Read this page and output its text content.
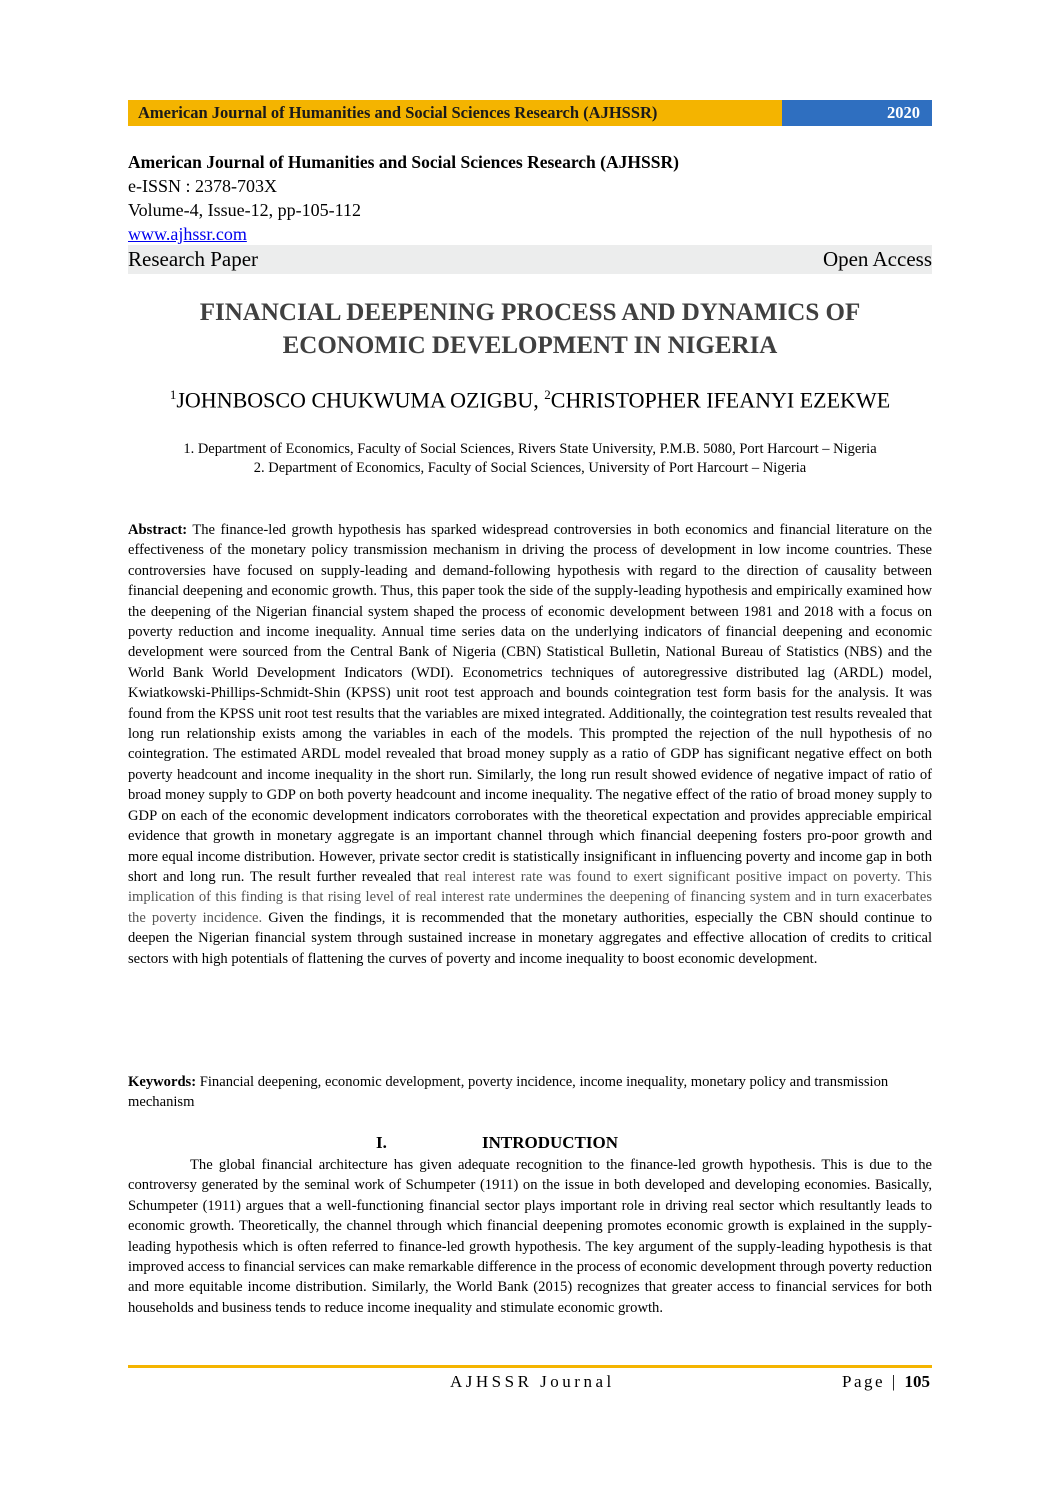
American Journal of Humanities and Social Sciences Research (AJHSSR)	2020
American Journal of Humanities and Social Sciences Research (AJHSSR)
e-ISSN : 2378-703X
Volume-4, Issue-12, pp-105-112
www.ajhssr.com
Research Paper	Open Access
FINANCIAL DEEPENING PROCESS AND DYNAMICS OF
ECONOMIC DEVELOPMENT IN NIGERIA
$^1$JOHNBOSCO CHUKWUMA OZIGBU, $^2$CHRISTOPHER IFEANYI EZEKWE
1. Department of Economics, Faculty of Social Sciences, Rivers State University, P.M.B. 5080, Port Harcourt – Nigeria
2. Department of Economics, Faculty of Social Sciences, University of Port Harcourt – Nigeria
Abstract: The finance-led growth hypothesis has sparked widespread controversies in both economics and financial literature on the effectiveness of the monetary policy transmission mechanism in driving the process of development in low income countries. These controversies have focused on supply-leading and demand-following hypothesis with regard to the direction of causality between financial deepening and economic growth. Thus, this paper took the side of the supply-leading hypothesis and empirically examined how the deepening of the Nigerian financial system shaped the process of economic development between 1981 and 2018 with a focus on poverty reduction and income inequality. Annual time series data on the underlying indicators of financial deepening and economic development were sourced from the Central Bank of Nigeria (CBN) Statistical Bulletin, National Bureau of Statistics (NBS) and the World Bank World Development Indicators (WDI). Econometrics techniques of autoregressive distributed lag (ARDL) model, Kwiatkowski-Phillips-Schmidt-Shin (KPSS) unit root test approach and bounds cointegration test form basis for the analysis. It was found from the KPSS unit root test results that the variables are mixed integrated. Additionally, the cointegration test results revealed that long run relationship exists among the variables in each of the models. This prompted the rejection of the null hypothesis of no cointegration. The estimated ARDL model revealed that broad money supply as a ratio of GDP has significant negative effect on both poverty headcount and income inequality in the short run. Similarly, the long run result showed evidence of negative impact of ratio of broad money supply to GDP on both poverty headcount and income inequality. The negative effect of the ratio of broad money supply to GDP on each of the economic development indicators corroborates with the theoretical expectation and provides appreciable empirical evidence that growth in monetary aggregate is an important channel through which financial deepening fosters pro-poor growth and more equal income distribution. However, private sector credit is statistically insignificant in influencing poverty and income gap in both short and long run. The result further revealed that real interest rate was found to exert significant positive impact on poverty. This implication of this finding is that rising level of real interest rate undermines the deepening of financing system and in turn exacerbates the poverty incidence. Given the findings, it is recommended that the monetary authorities, especially the CBN should continue to deepen the Nigerian financial system through sustained increase in monetary aggregates and effective allocation of credits to critical sectors with high potentials of flattening the curves of poverty and income inequality to boost economic development.
Keywords: Financial deepening, economic development, poverty incidence, income inequality, monetary policy and transmission mechanism
I.	INTRODUCTION
The global financial architecture has given adequate recognition to the finance-led growth hypothesis. This is due to the controversy generated by the seminal work of Schumpeter (1911) on the issue in both developed and developing economies. Basically, Schumpeter (1911) argues that a well-functioning financial sector plays important role in driving real sector which resultantly leads to economic growth. Theoretically, the channel through which financial deepening promotes economic growth is explained in the supply-leading hypothesis which is often referred to finance-led growth hypothesis. The key argument of the supply-leading hypothesis is that improved access to financial services can make remarkable difference in the process of economic development through poverty reduction and more equitable income distribution. Similarly, the World Bank (2015) recognizes that greater access to financial services for both households and business tends to reduce income inequality and stimulate economic growth.
AJHSSR Journal	Page | 105
